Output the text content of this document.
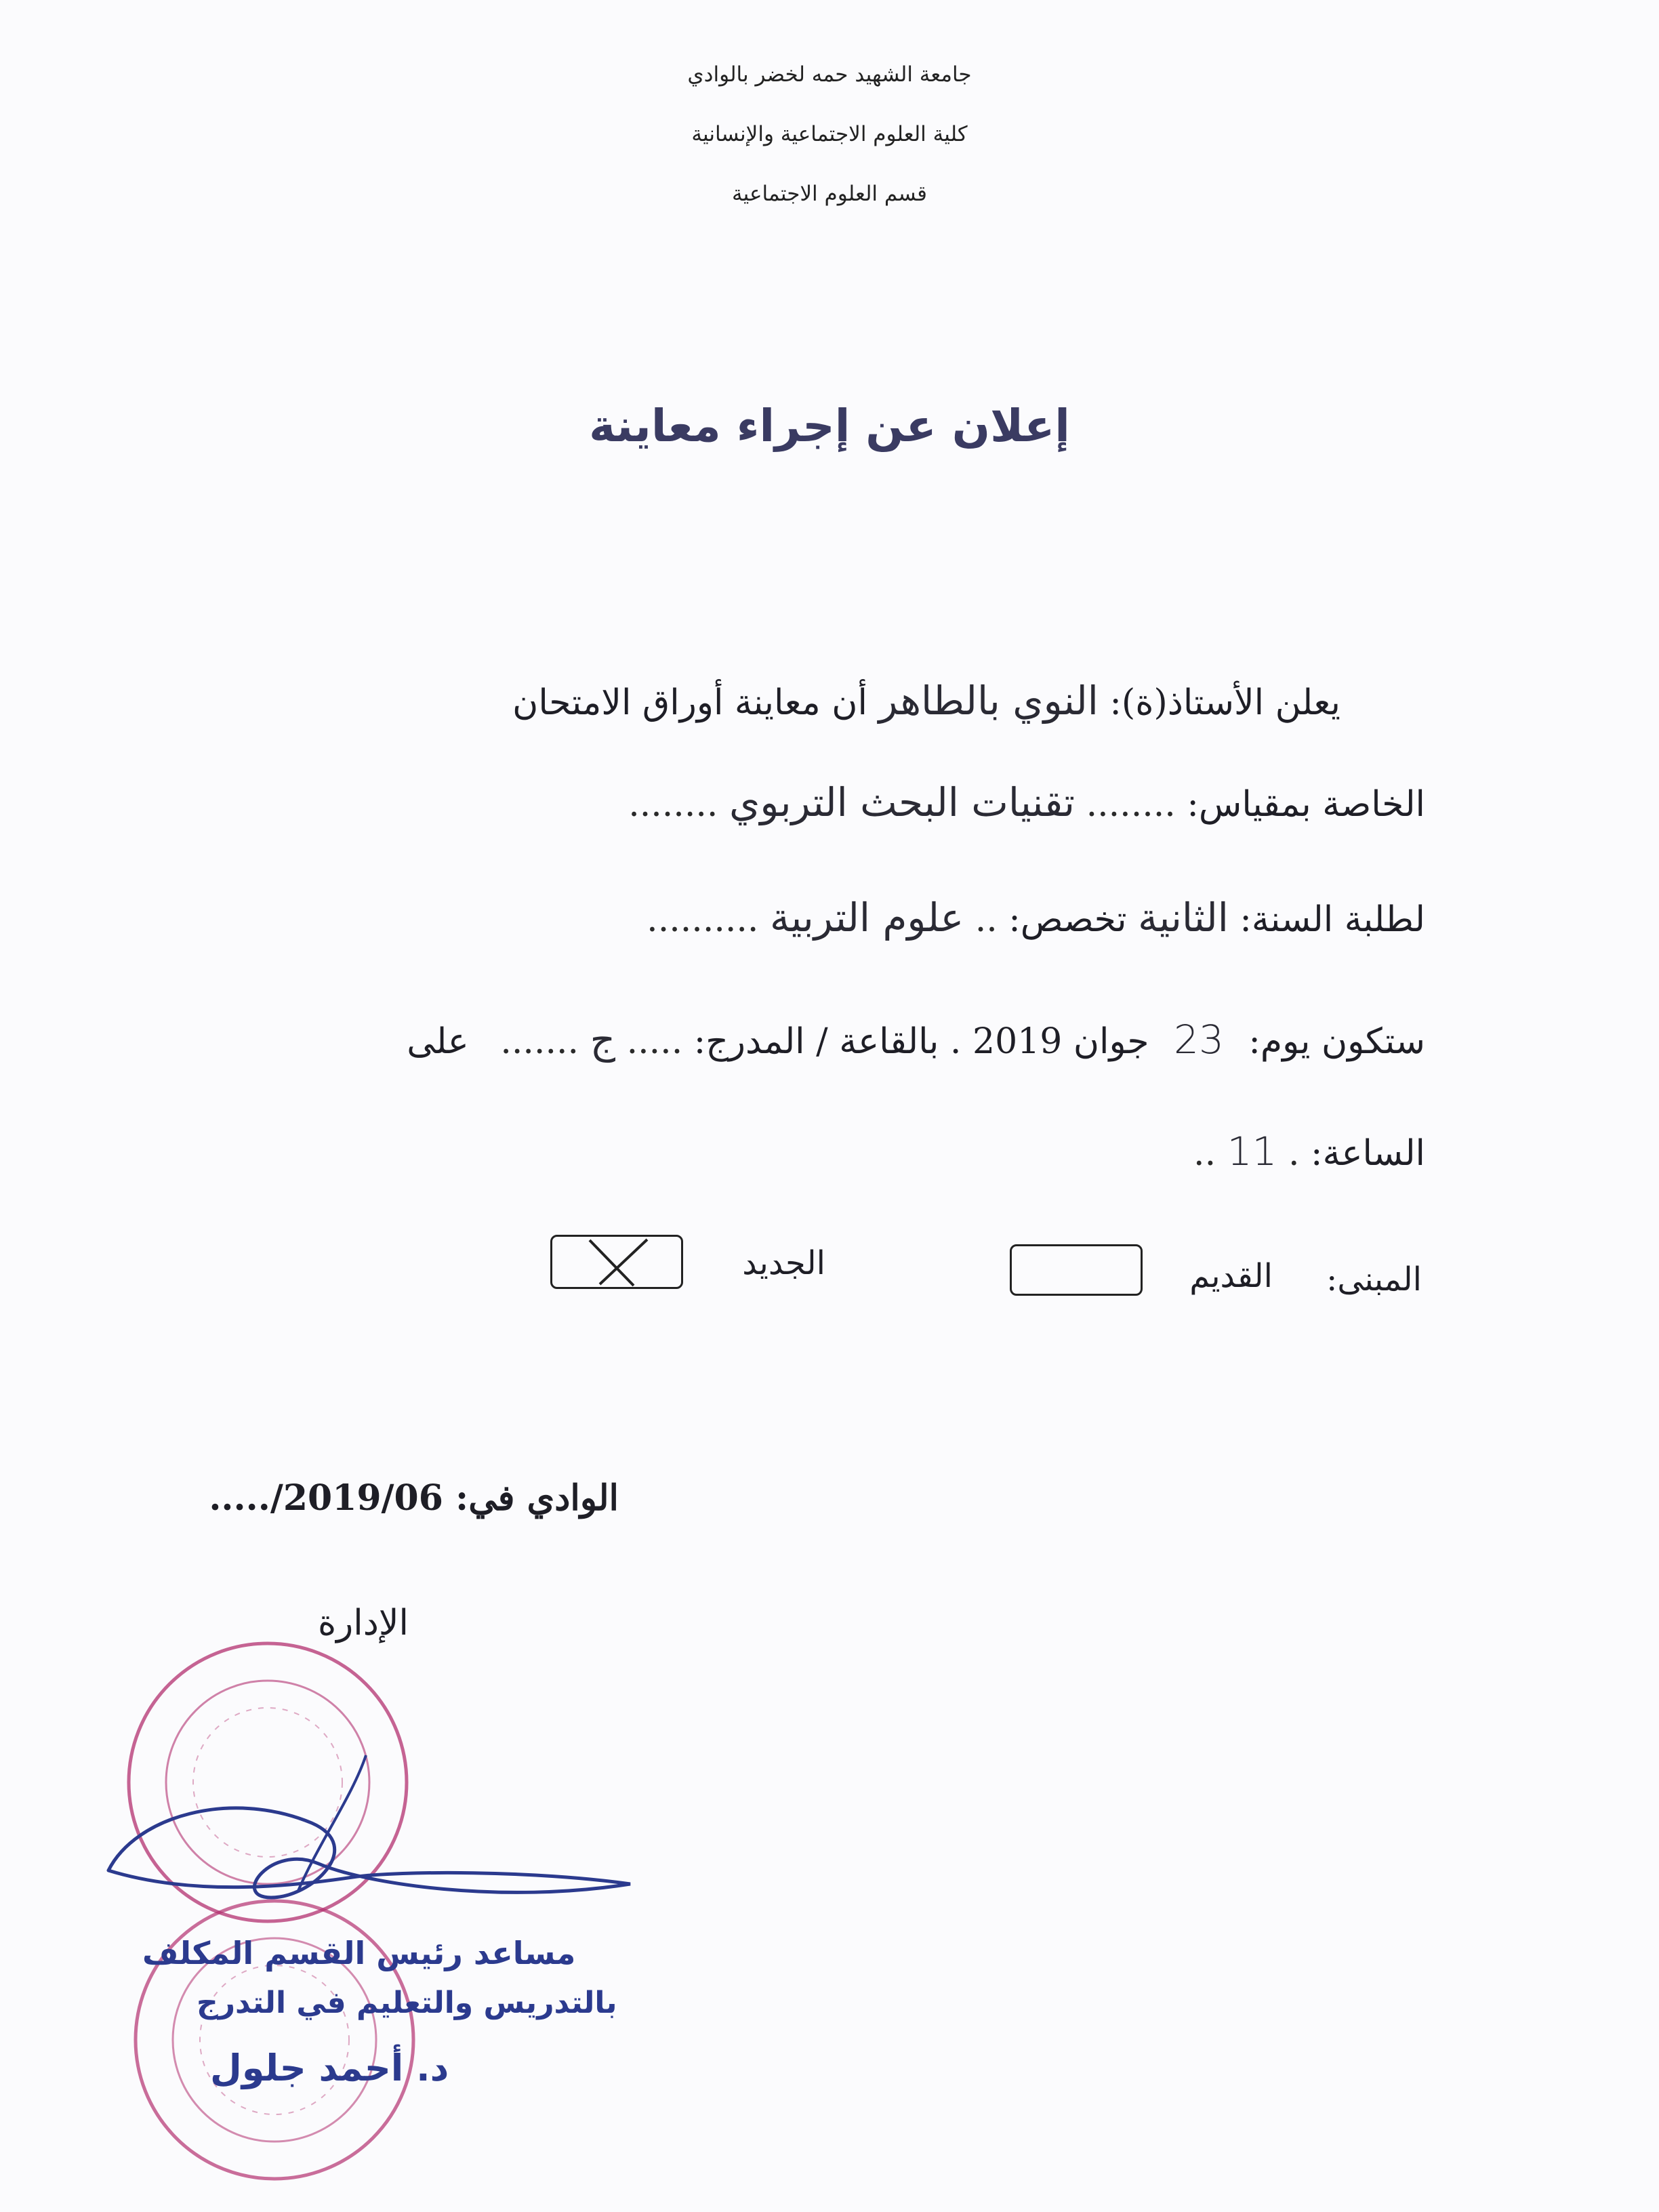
جامعة الشهيد حمه لخضر بالوادي
كلية العلوم الاجتماعية والإنسانية
قسم العلوم الاجتماعية
إعلان عن إجراء معاينة
يعلن الأستاذ(ة): النوي بالطاهر أن معاينة أوراق الامتحان
الخاصة بمقياس: ........ تقنيات البحث التربوي ........
لطلبة السنة: الثانية تخصص: .. علوم التربية ..........
ستكون يوم: 23 جوان 2019 . بالقاعة / المدرج: ..... ج ....... على
الساعة: . 11 ..
المبنى:
القديم
الجديد
الوادي في: 2019/06/.....
الإدارة
مساعد رئيس القسم المكلف
بالتدريس والتعليم في التدرج
د. أحمد جلول
